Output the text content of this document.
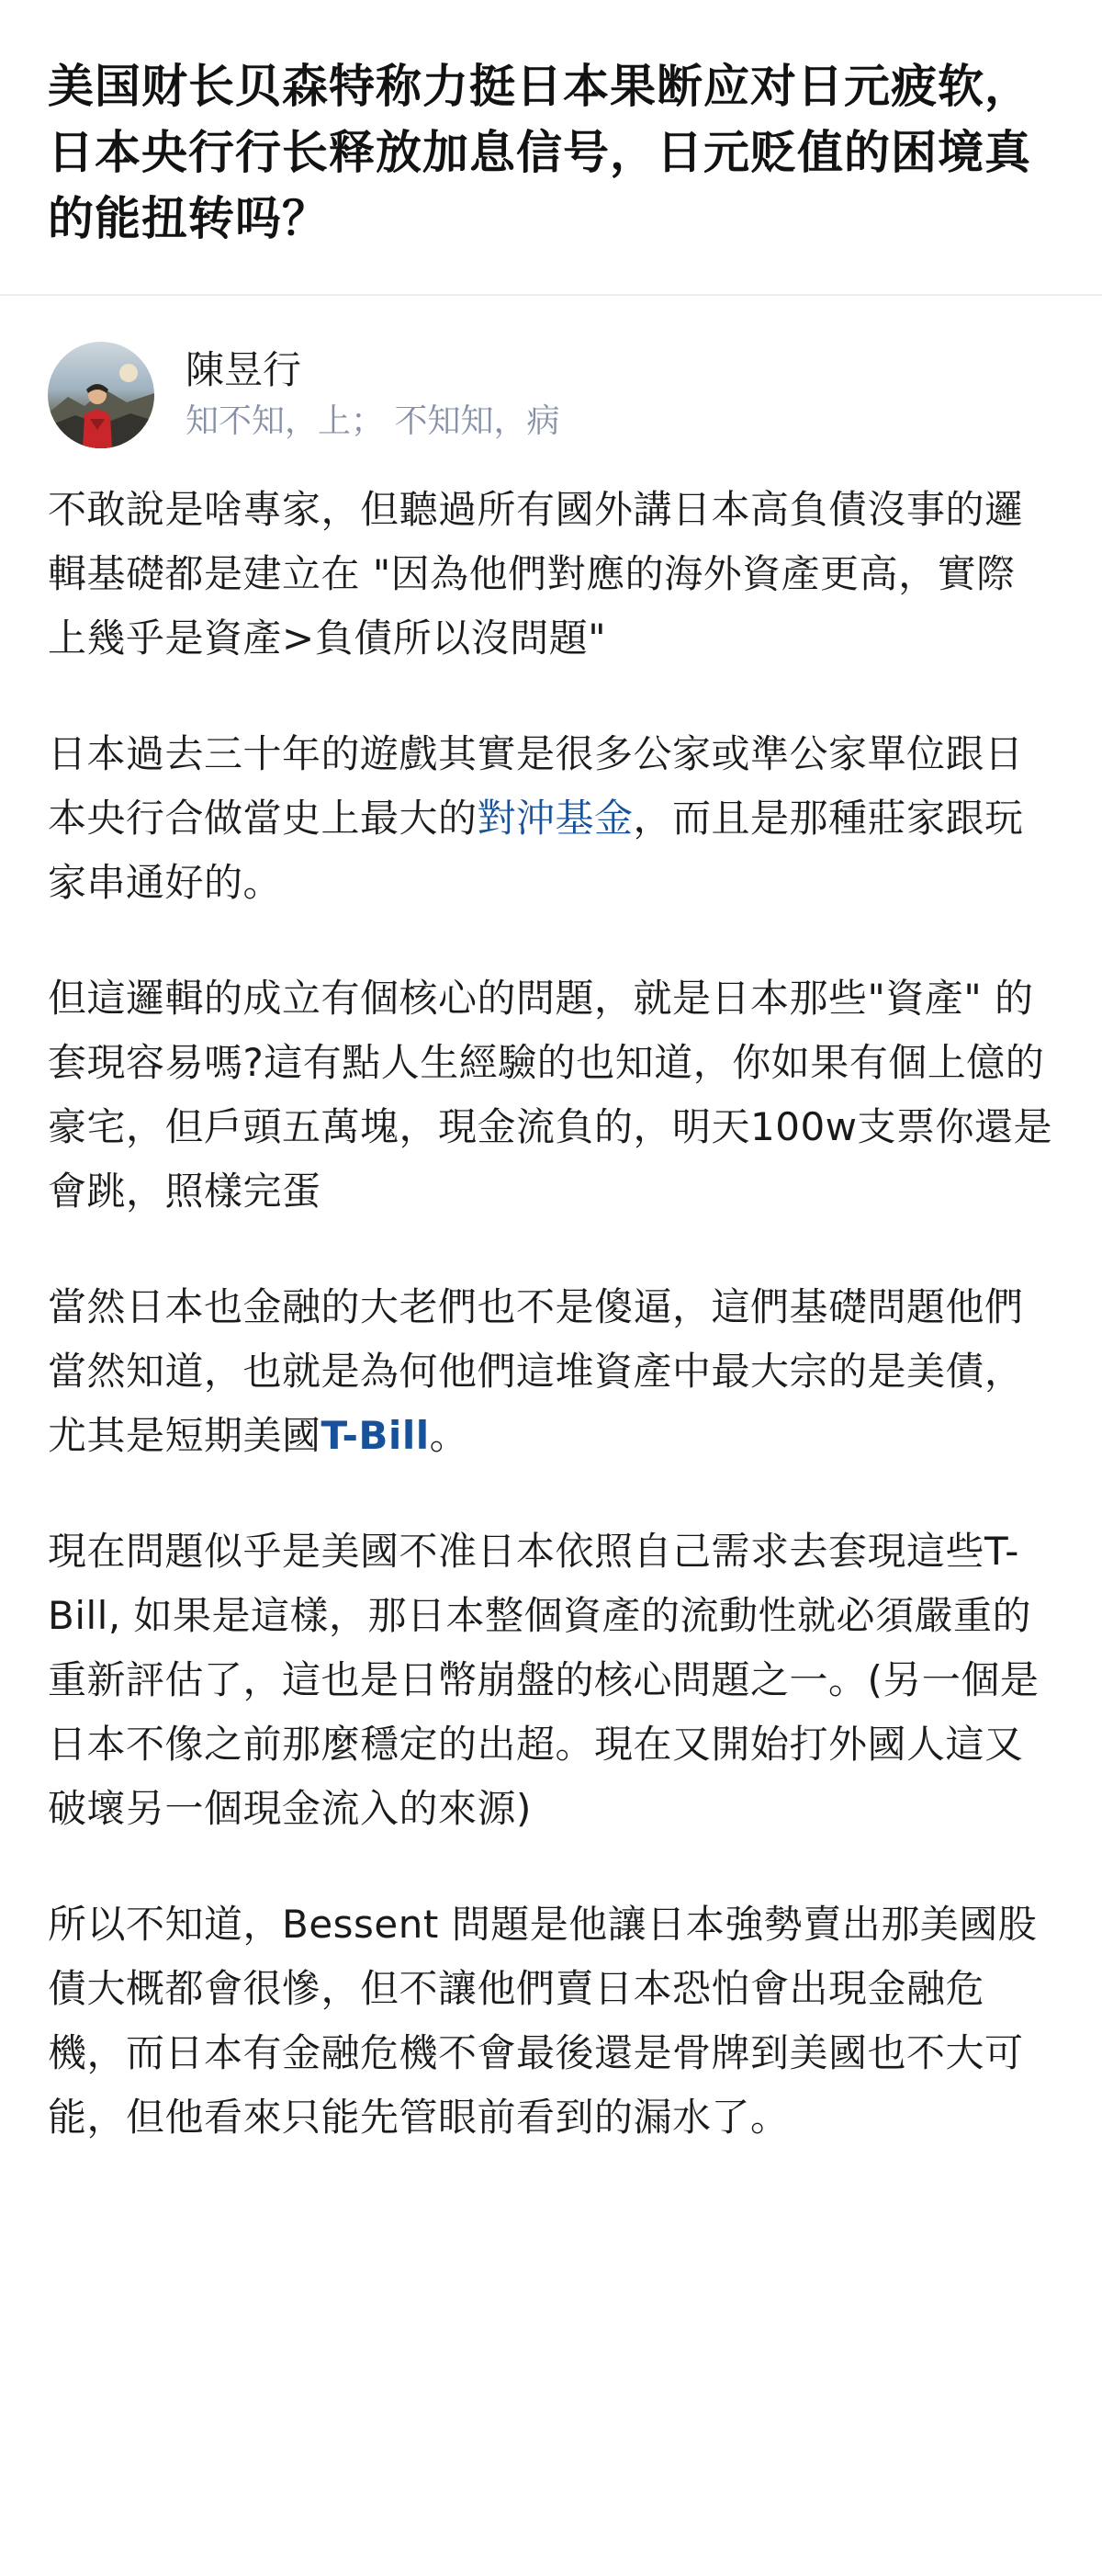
美国财长贝森特称力挺日本果断应对日元疲软，日本央行行长释放加息信号，日元贬值的困境真的能扭转吗？
陳昱行
知不知，上； 不知知，病

不敢說是啥專家，但聽過所有國外講日本高負債沒事的邏輯基礎都是建立在 "因為他們對應的海外資產更高，實際上幾乎是資產>負債所以沒問題"

日本過去三十年的遊戲其實是很多公家或準公家單位跟日本央行合做當史上最大的對沖基金，而且是那種莊家跟玩家串通好的。

但這邏輯的成立有個核心的問題，就是日本那些"資產" 的套現容易嗎?這有點人生經驗的也知道，你如果有個上億的豪宅，但戶頭五萬塊，現金流負的，明天100w支票你還是會跳，照樣完蛋

當然日本也金融的大老們也不是傻逼，這們基礎問題他們當然知道，也就是為何他們這堆資產中最大宗的是美債，尤其是短期美國T-Bill。

現在問題似乎是美國不准日本依照自己需求去套現這些T-Bill, 如果是這樣，那日本整個資產的流動性就必須嚴重的重新評估了，這也是日幣崩盤的核心問題之一。(另一個是日本不像之前那麼穩定的出超。現在又開始打外國人這又破壞另一個現金流入的來源)

所以不知道，Bessent 問題是他讓日本強勢賣出那美國股債大概都會很慘，但不讓他們賣日本恐怕會出現金融危機，而日本有金融危機不會最後還是骨牌到美國也不大可能，但他看來只能先管眼前看到的漏水了。
